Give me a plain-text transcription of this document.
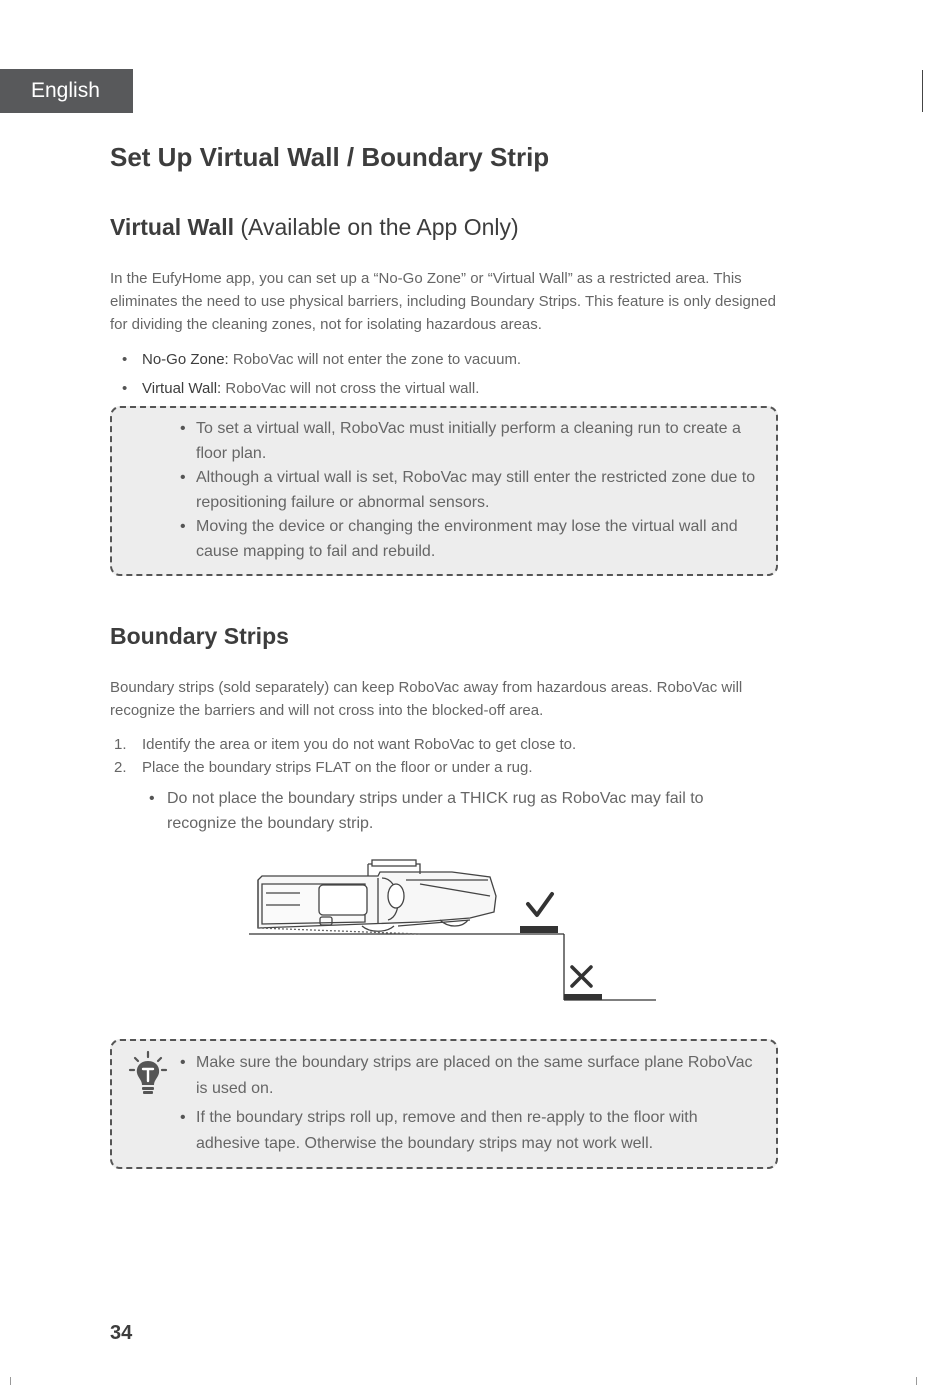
English
Set Up Virtual Wall / Boundary Strip
Virtual Wall (Available on the App Only)

In the EufyHome app, you can set up a “No-Go Zone” or “Virtual Wall” as a restricted area. This eliminates the need to use physical barriers, including Boundary Strips. This feature is only designed for dividing the cleaning zones, not for isolating hazardous areas.

• No-Go Zone: RoboVac will not enter the zone to vacuum.
• Virtual Wall: RoboVac will not cross the virtual wall.
• To set a virtual wall, RoboVac must initially perform a cleaning run to create a floor plan.
• Although a virtual wall is set, RoboVac may still enter the restricted zone due to repositioning failure or abnormal sensors.
• Moving the device or changing the environment may lose the virtual wall and cause mapping to fail and rebuild.
Boundary Strips

Boundary strips (sold separately) can keep RoboVac away from hazardous areas. RoboVac will recognize the barriers and will not cross into the blocked-off area.

1. Identify the area or item you do not want RoboVac to get close to.
2. Place the boundary strips FLAT on the floor or under a rug.
• Do not place the boundary strips under a THICK rug as RoboVac may fail to recognize the boundary strip.
• Make sure the boundary strips are placed on the same surface plane RoboVac is used on.
• If the boundary strips roll up, remove and then re-apply to the floor with adhesive tape. Otherwise the boundary strips may not work well.

34
